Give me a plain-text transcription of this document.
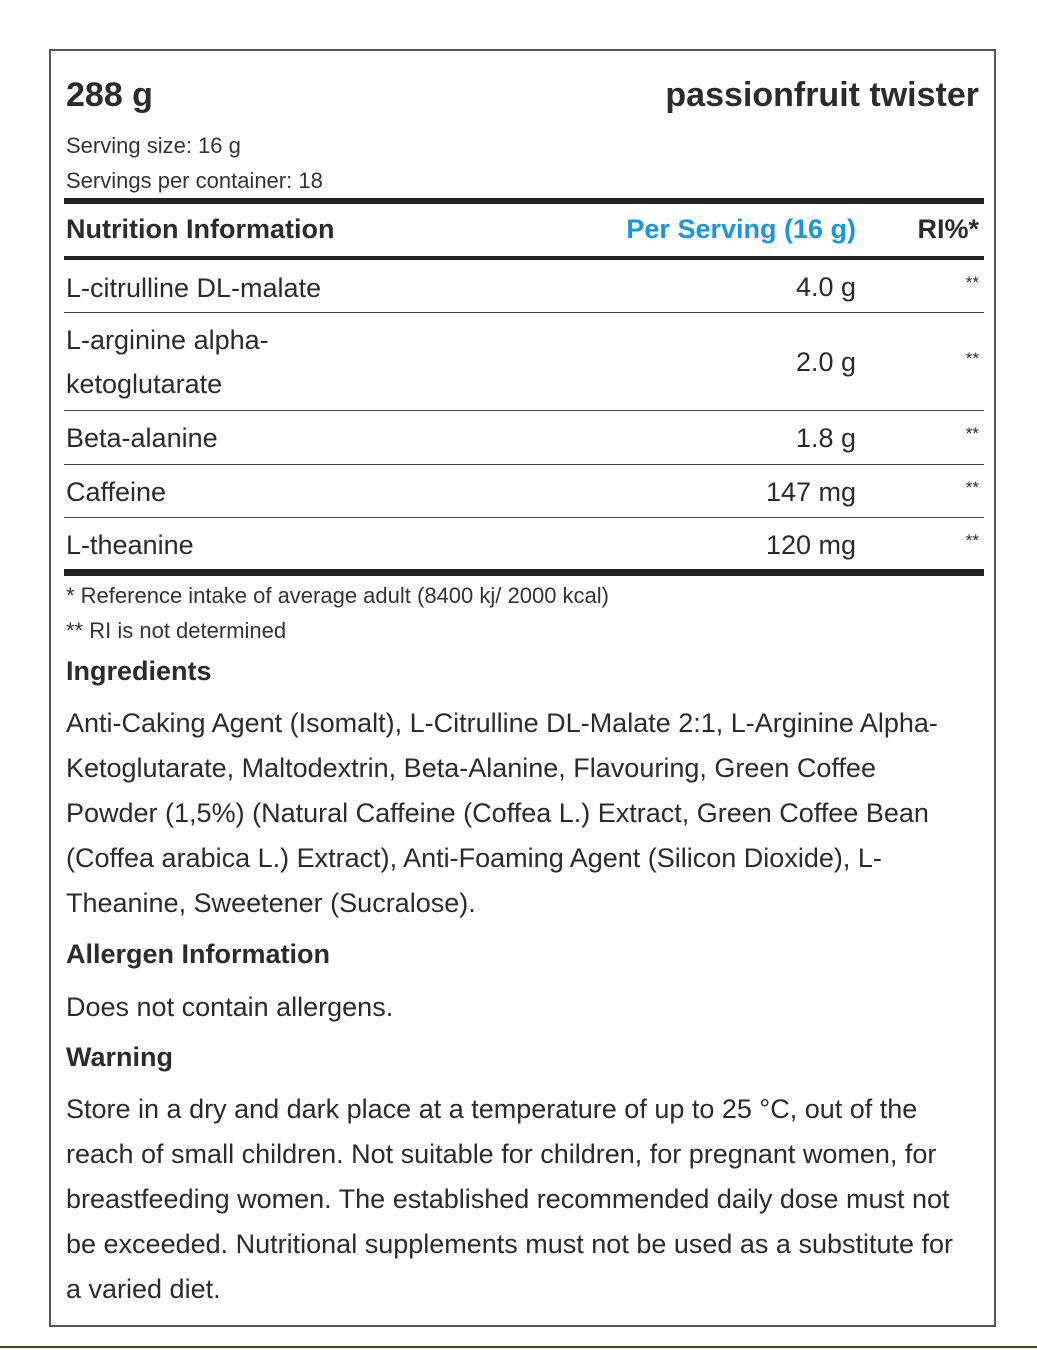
288 g	passionfruit twister
Serving size: 16 g
Servings per container: 18
Nutrition Information	Per Serving (16 g) RI%*
L-citrulline DL-malate	4.0 g	**
L-arginine alpha-
ketoglutarate
2.0 g	**
Beta-alanine	1.8 g	**
Caffeine	147 mg	**
L-theanine	120 mg	**
* Reference intake of average adult (8400 kj/ 2000 kcal)
** RI is not determined
Ingredients
Anti-Caking Agent (Isomalt), L-Citrulline DL-Malate 2:1, L-Arginine Alpha-Ketoglutarate, Maltodextrin, Beta-Alanine, Flavouring, Green Coffee Powder (1,5%) (Natural Caffeine (Coffea L.) Extract, Green Coffee Bean (Coffea arabica L.) Extract), Anti-Foaming Agent (Silicon Dioxide), L-Theanine, Sweetener (Sucralose).
Allergen Information
Does not contain allergens.
Warning
Store in a dry and dark place at a temperature of up to 25 °C, out of the reach of small children. Not suitable for children, for pregnant women, for breastfeeding women. The established recommended daily dose must not be exceeded. Nutritional supplements must not be used as a substitute for a varied diet.
